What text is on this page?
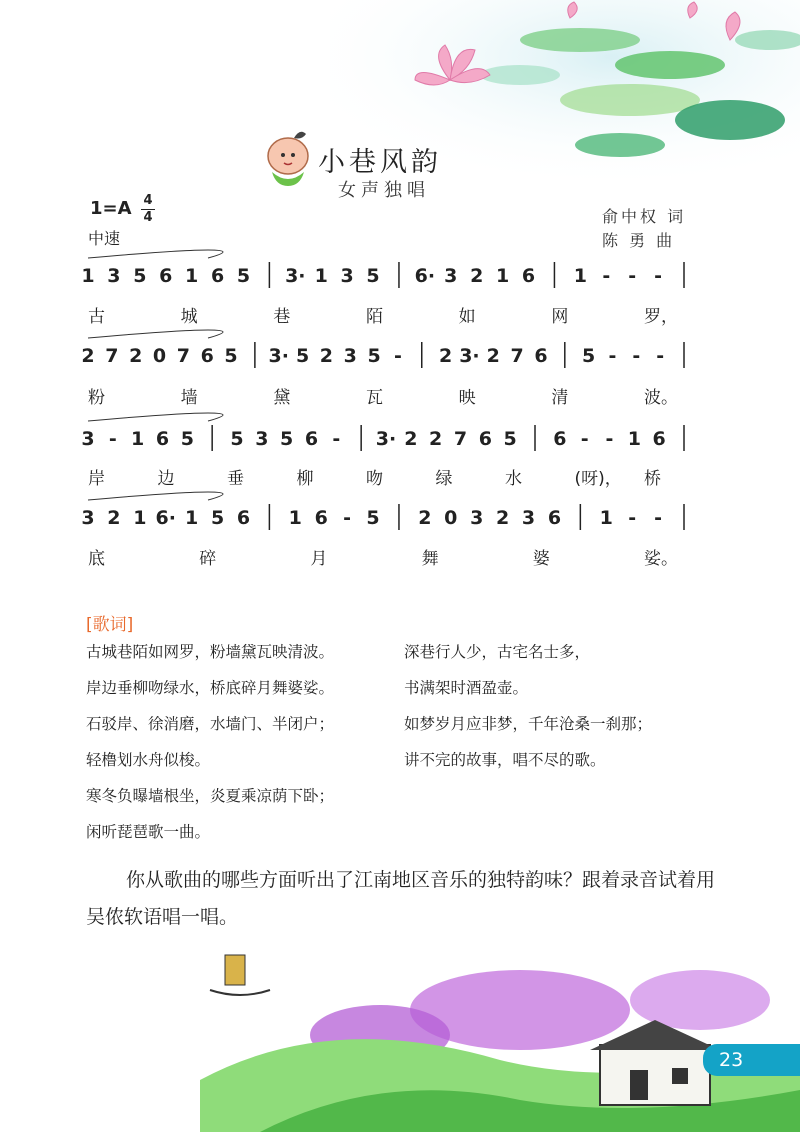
小巷风韵
女声独唱
1=A 4
4
中速
俞中权 词
陈 勇 曲
1 3 5 6 1 6 5 3· 1 3 5 6· 3 2 1 6 1 - - -
古	城	巷	陌	如	网	罗，
2 7 2 0 7 6 5 3· 5 2 3 5 - 2 3· 2 7 6 5 - - -
粉	墙	黛	瓦	映	清	波。
3 - 1 6 5 5 3 5 6 - 3· 2 2 7 6 5 6 - - 1 6
岸	边	垂	柳	吻	绿	水	(呀)， 桥
3 2 1 6· 1 5 6 1 6 - 5 2 0 3 2 3 6 1 - -
底	碎	月	舞	婆	娑。
[歌词]
古城巷陌如网罗，粉墙黛瓦映清波。
岸边垂柳吻绿水，桥底碎月舞婆娑。
石驳岸、徐消磨，水墙门、半闭户；
轻橹划水舟似梭。
寒冬负曝墙根坐，炎夏乘凉荫下卧；
闲听琵琶歌一曲。
深巷行人少，古宅名士多，
书满架时酒盈壶。
如梦岁月应非梦，千年沧桑一刹那；
讲不完的故事，唱不尽的歌。
你从歌曲的哪些方面听出了江南地区音乐的独特韵味？跟着录音试着用吴侬软语唱一唱。
23
